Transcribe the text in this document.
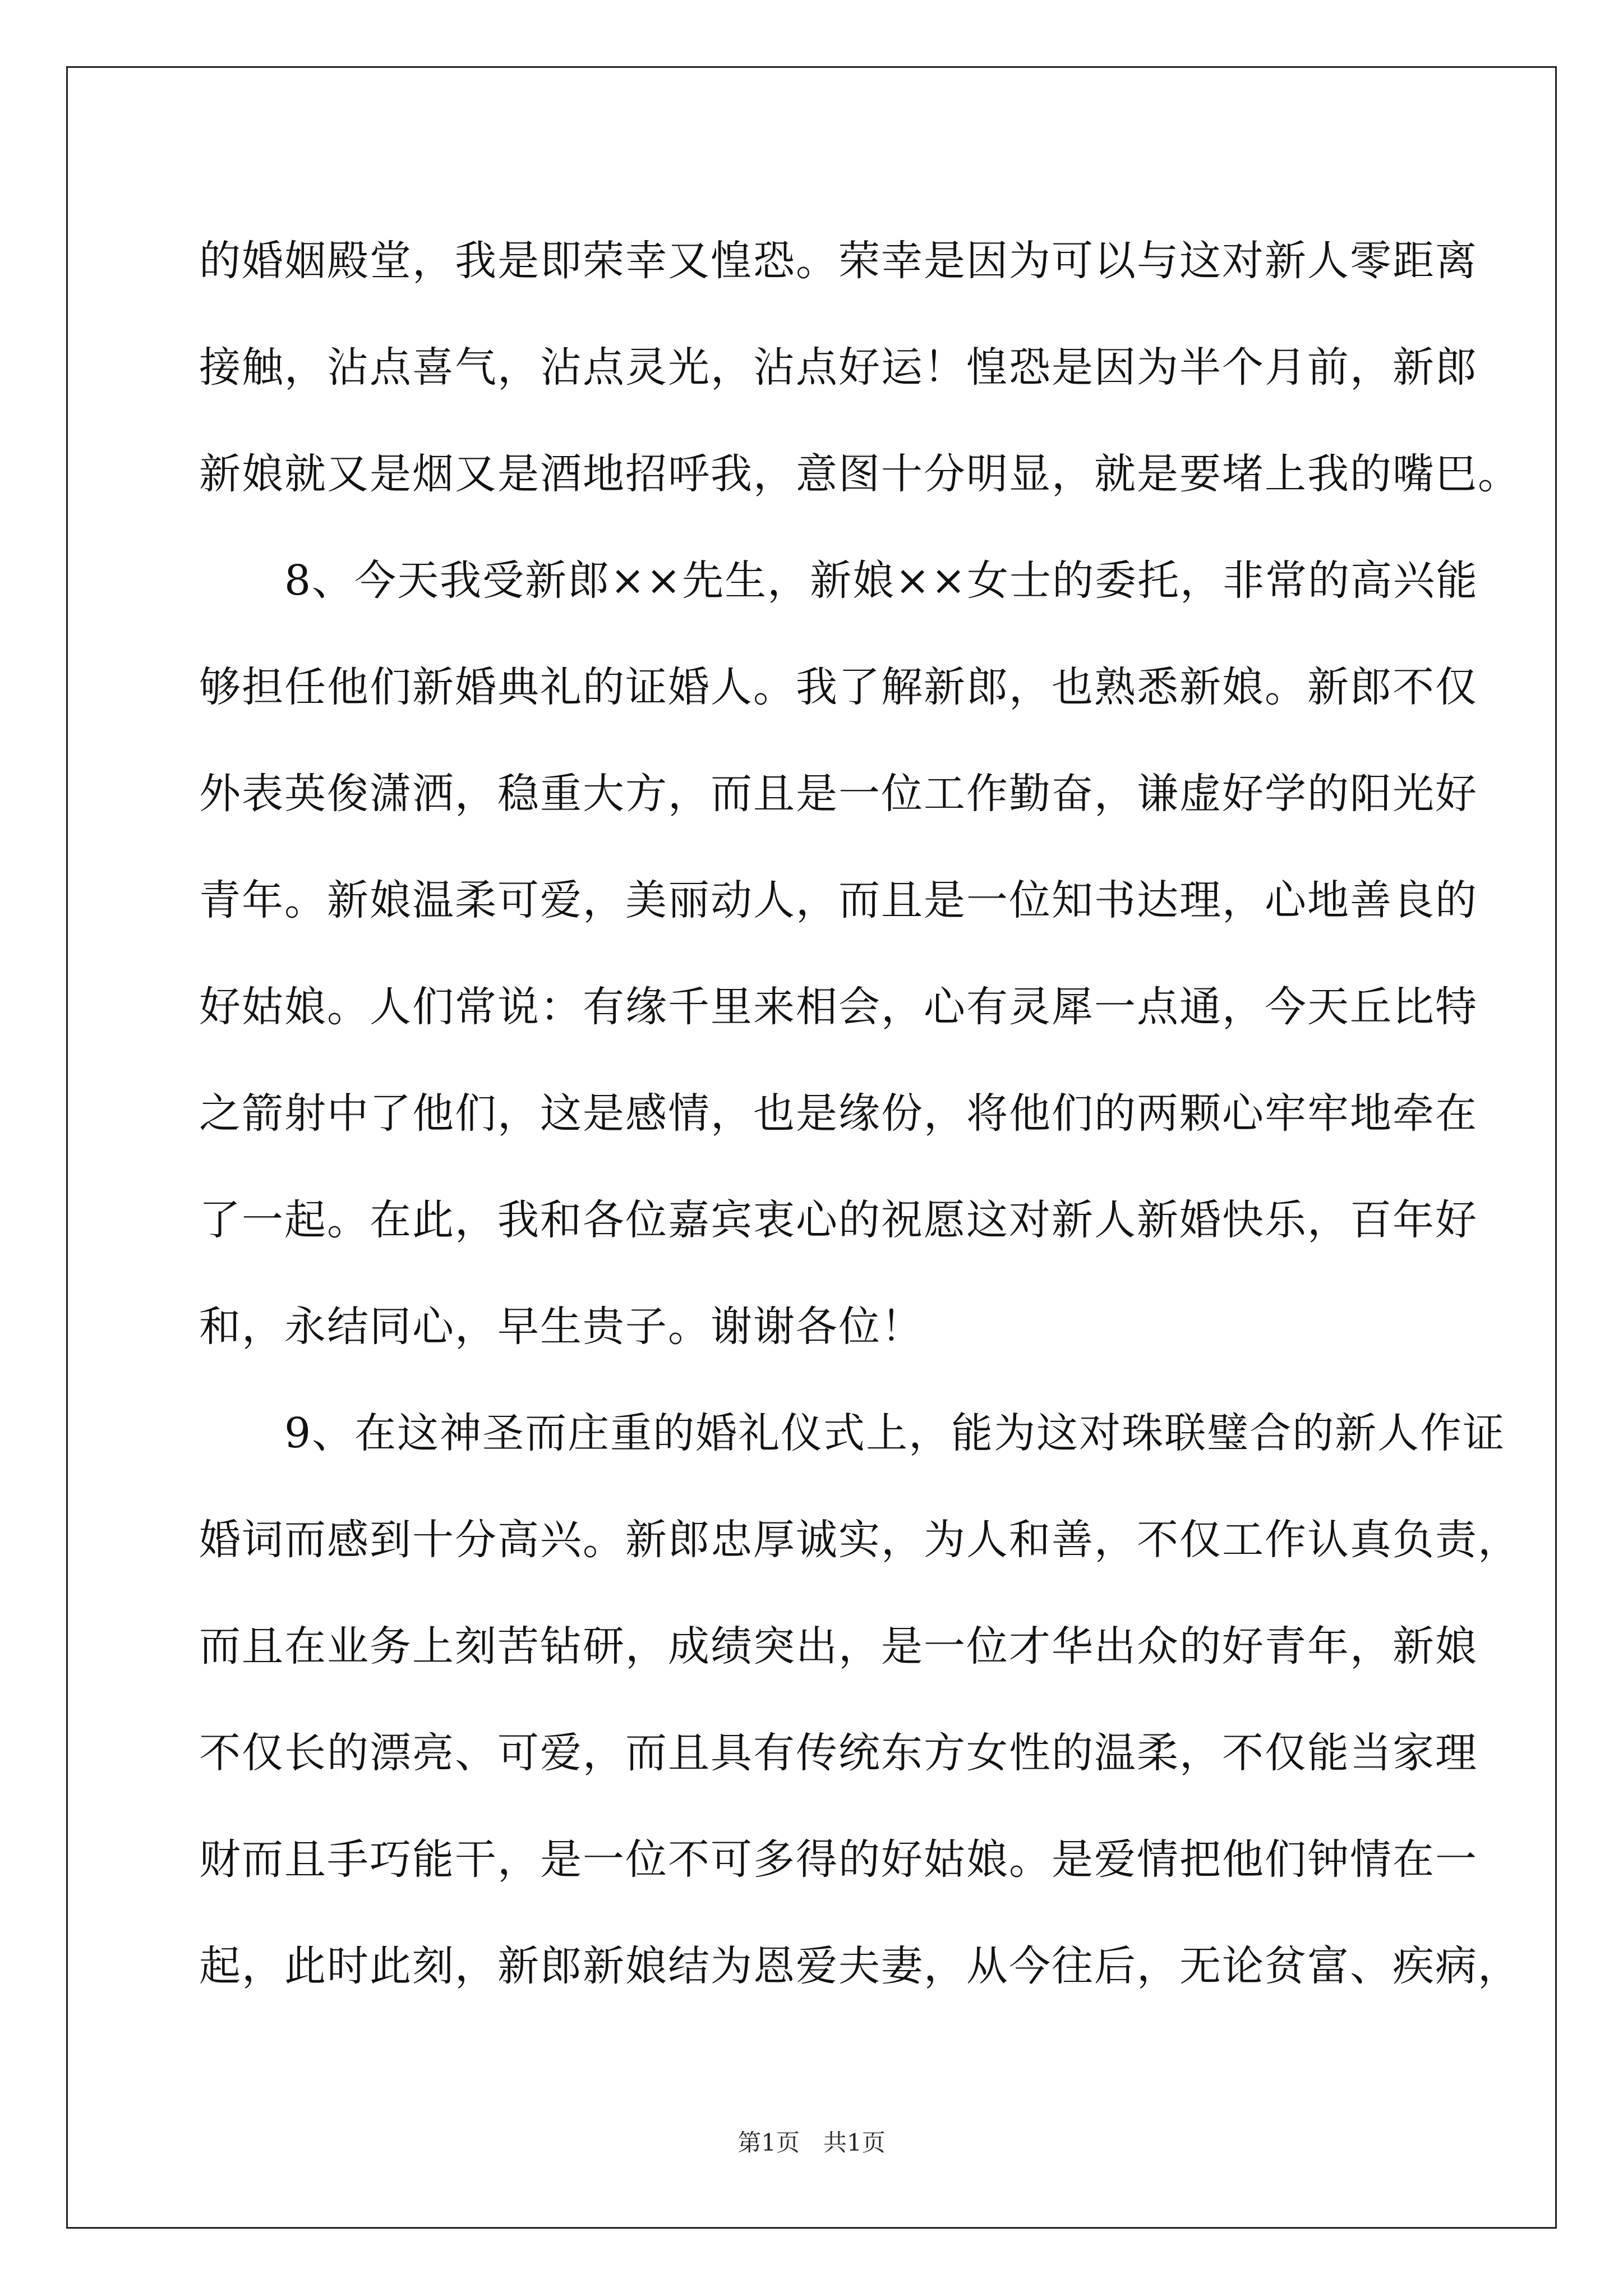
的婚姻殿堂，我是即荣幸又惶恐。荣幸是因为可以与这对新人零距离
接触，沾点喜气，沾点灵光，沾点好运！惶恐是因为半个月前，新郎
新娘就又是烟又是酒地招呼我，意图十分明显，就是要堵上我的嘴巴。
　　8、今天我受新郎××先生，新娘××女士的委托，非常的高兴能
够担任他们新婚典礼的证婚人。我了解新郎，也熟悉新娘。新郎不仅
外表英俊潇洒，稳重大方，而且是一位工作勤奋，谦虚好学的阳光好
青年。新娘温柔可爱，美丽动人，而且是一位知书达理，心地善良的
好姑娘。人们常说：有缘千里来相会，心有灵犀一点通，今天丘比特
之箭射中了他们，这是感情，也是缘份，将他们的两颗心牢牢地牵在
了一起。在此，我和各位嘉宾衷心的祝愿这对新人新婚快乐，百年好
和，永结同心，早生贵子。谢谢各位！
　　9、在这神圣而庄重的婚礼仪式上，能为这对珠联璧合的新人作证
婚词而感到十分高兴。新郎忠厚诚实，为人和善，不仅工作认真负责，
而且在业务上刻苦钻研，成绩突出，是一位才华出众的好青年，新娘
不仅长的漂亮、可爱，而且具有传统东方女性的温柔，不仅能当家理
财而且手巧能干，是一位不可多得的好姑娘。是爱情把他们钟情在一
起，此时此刻，新郎新娘结为恩爱夫妻，从今往后，无论贫富、疾病，
第1页　共1页
